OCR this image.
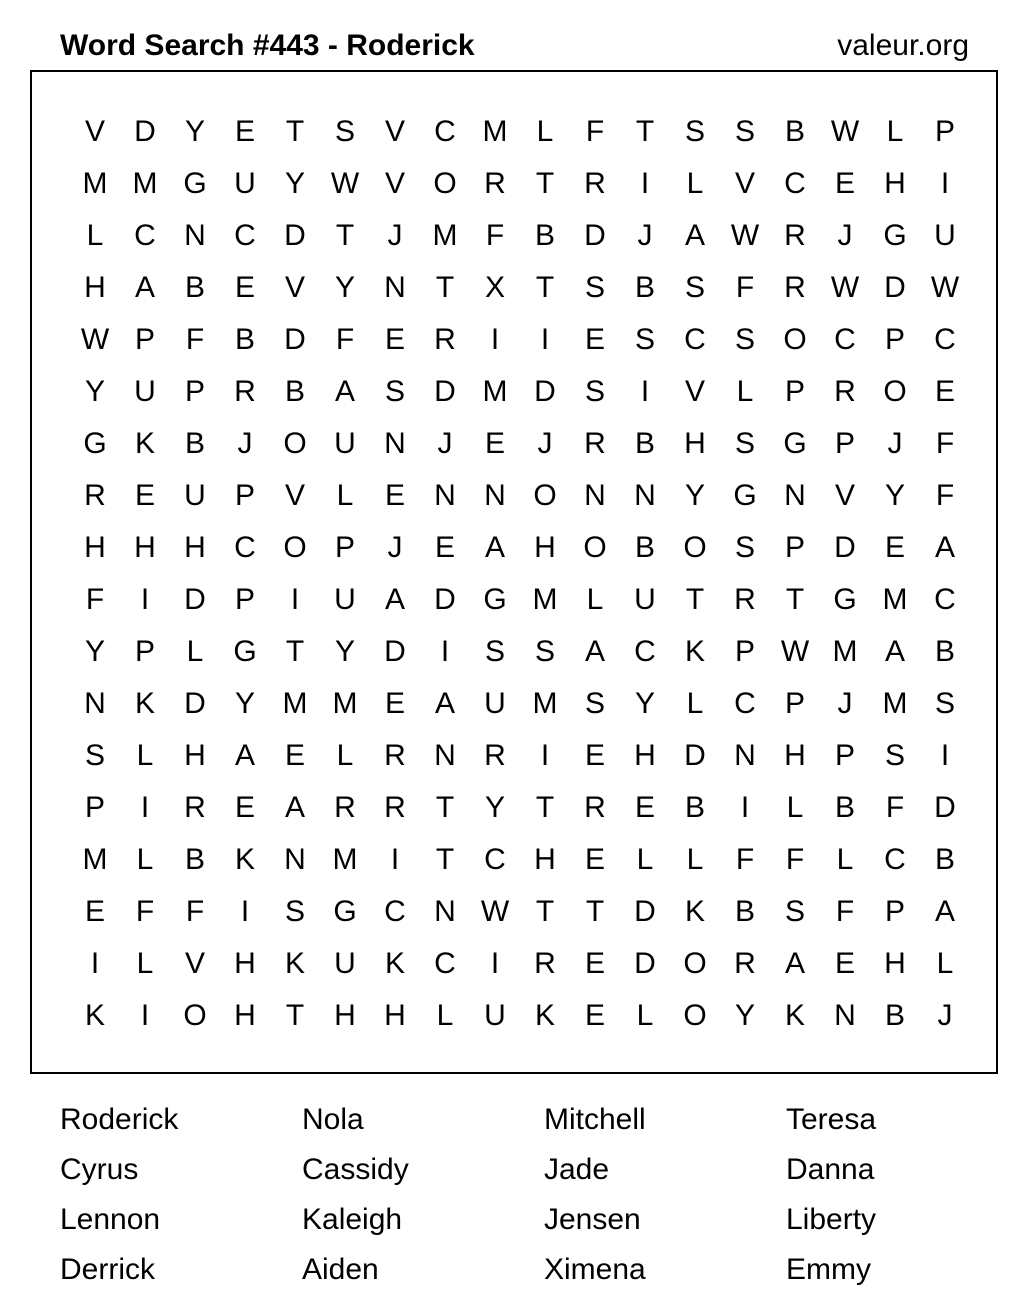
Word Search #443 - Roderick	valeur.org
V D Y E	T	S V C M L	F	T	S S B W L	P
M M G U Y W V O R	T	R	I	L	V C E H	I
L	C N C D	T	J	M F	B D	J	A W R	J	G U
H A B E V Y N	T	X	T	S B S	F	R W D W
W P	F	B D	F	E R	I	I	E S C S O C P C
Y U P R B A S D M D S	I	V	L	P R O E
G K B	J	O U N	J	E	J	R B H S G P	J	F
R E U P V	L	E N N O N N Y G N V Y	F
H H H C O P	J	E A H O B O S P D E A
F	I	D P	I	U A D G M L	U	T	R	T G M C
Y P	L G T	Y D	I	S S A C K P W M A B
N K D Y M M E A U M S Y	L	C P	J	M S
S	L	H A E	L	R N R	I	E H D N H P S	I
P	I	R E A R R	T	Y	T	R E B	I	L	B	F	D
M L	B K N M	I	T	C H E	L	L	F	F	L	C B
E	F	F	I	S G C N W T	T	D K B S	F	P A
I	L	V H K U K C	I	R E D O R A E H	L
K	I	O H	T	H H	L	U K E	L O Y K N B	J
Roderick	Nola	Mitchell	Teresa
Cyrus	Cassidy	Jade	Danna
Lennon	Kaleigh	Jensen	Liberty
Derrick	Aiden	Ximena	Emmy
